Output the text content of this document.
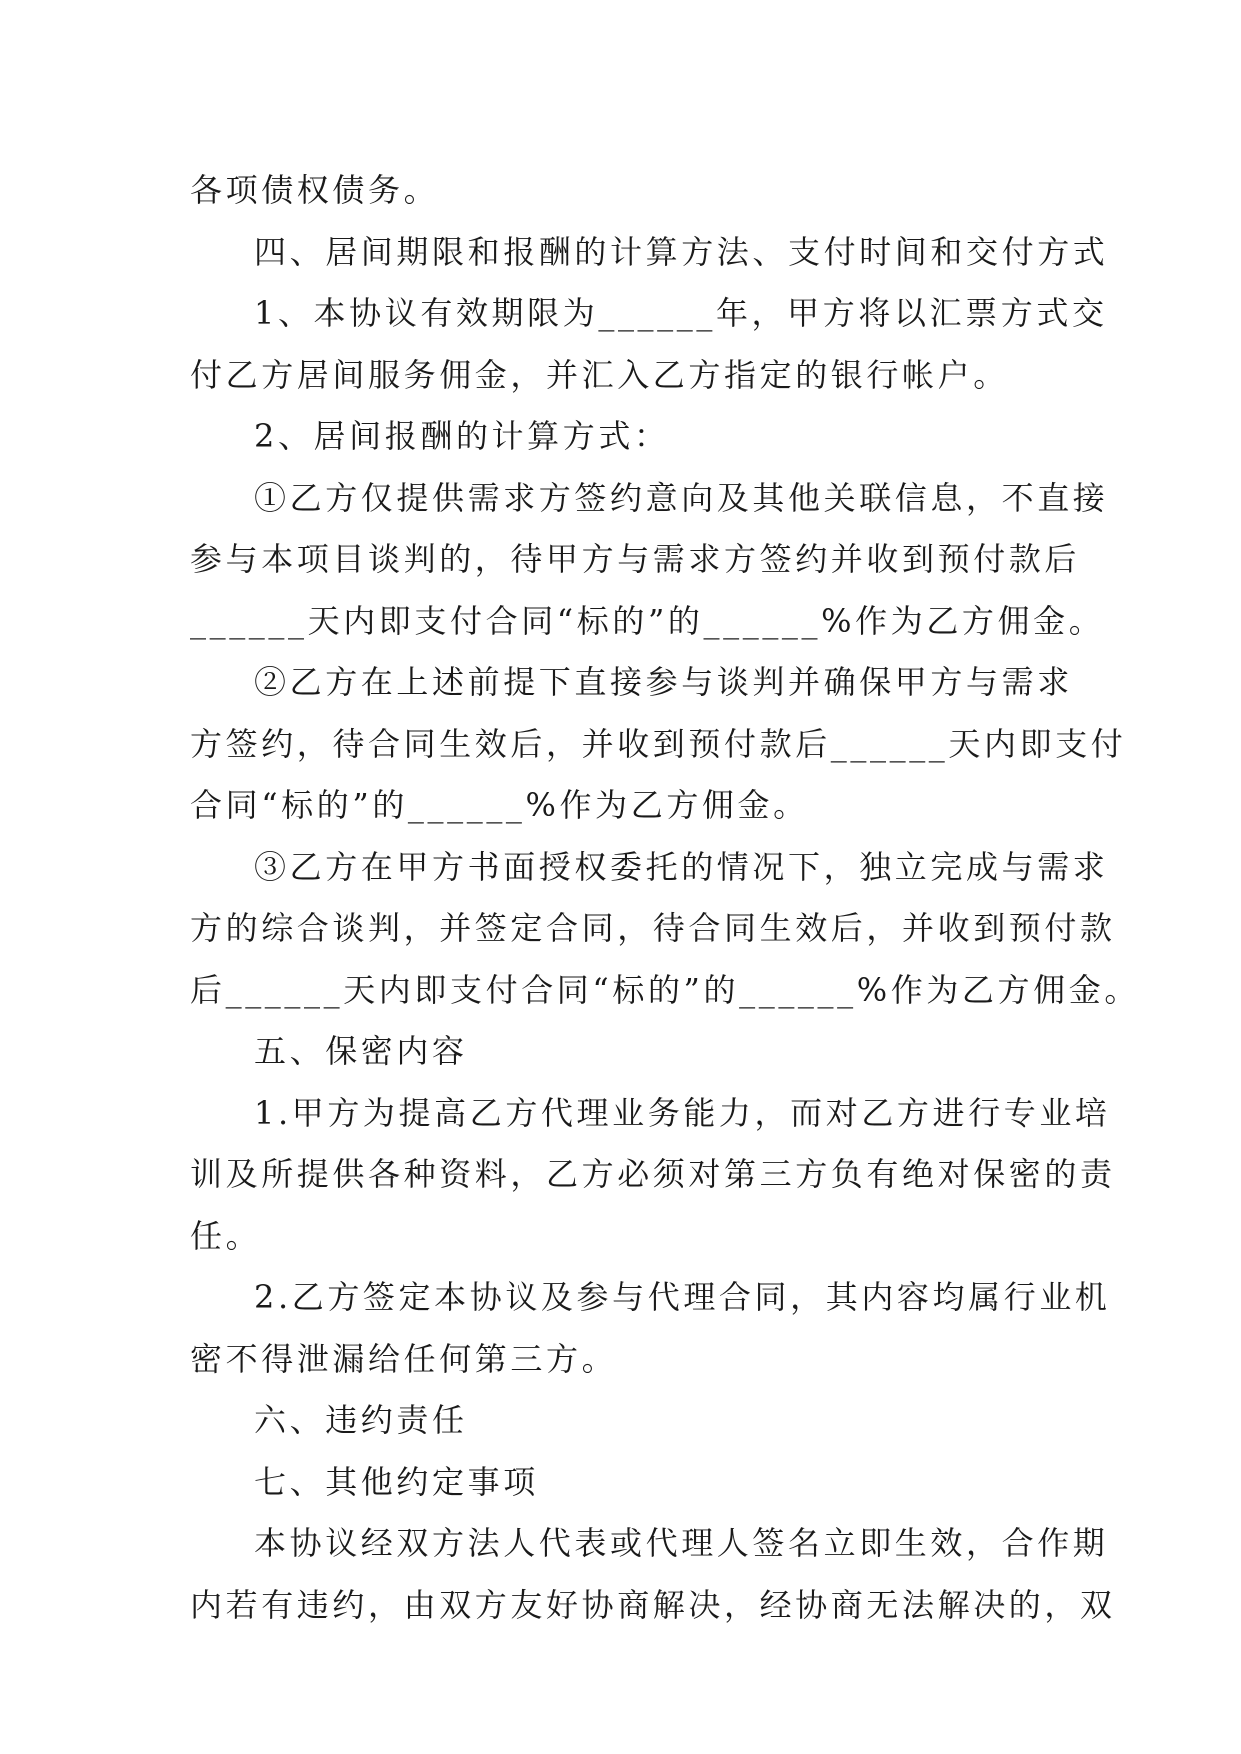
各项债权债务。
四、居间期限和报酬的计算方法、支付时间和交付方式
1、本协议有效期限为______年，甲方将以汇票方式交
付乙方居间服务佣金，并汇入乙方指定的银行帐户。
2、居间报酬的计算方式：
①乙方仅提供需求方签约意向及其他关联信息，不直接
参与本项目谈判的，待甲方与需求方签约并收到预付款后
______天内即支付合同“标的”的______%作为乙方佣金。
②乙方在上述前提下直接参与谈判并确保甲方与需求
方签约，待合同生效后，并收到预付款后______天内即支付
合同“标的”的______%作为乙方佣金。
③乙方在甲方书面授权委托的情况下，独立完成与需求
方的综合谈判，并签定合同，待合同生效后，并收到预付款
后______天内即支付合同“标的”的______%作为乙方佣金。
五、保密内容
1.甲方为提高乙方代理业务能力，而对乙方进行专业培
训及所提供各种资料，乙方必须对第三方负有绝对保密的责
任。
2.乙方签定本协议及参与代理合同，其内容均属行业机
密不得泄漏给任何第三方。
六、违约责任
七、其他约定事项
本协议经双方法人代表或代理人签名立即生效，合作期
内若有违约，由双方友好协商解决，经协商无法解决的，双
